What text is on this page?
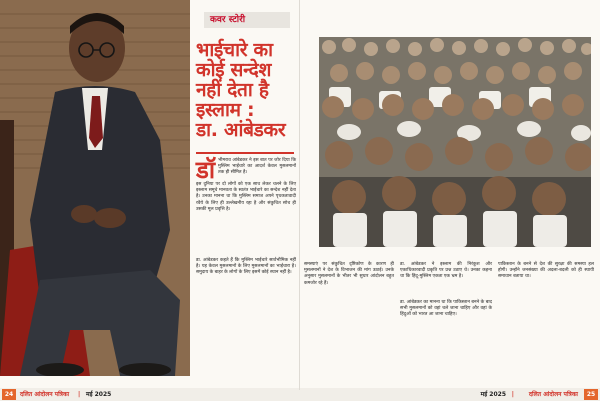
कवर स्टोरी
भाईचारे का
कोई सन्देश
नहीं देता है
इस्लाम :
डा. आंबेडकर
डॉ भीमराव आंबेडकर ने इस बात पर जोर दिया कि मुस्लिम भाईचारे का आदर्श केवल मुसलमानों तक ही सीमित है।

इस दुनिया पर दो लोगों को एक साथ लेकर चलने के लिए इस्लाम समूचे मानवता के स्वतंत्र भाईचारे का सन्देश नहीं देता है। उनका मानना था कि मुस्लिम समाज अपने पृथकतावादी रवैये के लिए ही उल्लेखनीय रहा है और संकुचित सोच ही उसकी मूल प्रवृत्ति है।

डा. आंबेडकर कहते हैं कि मुस्लिम भाईचारे सार्वभौमिक नहीं है। यह केवल मुसलमानों के लिए मुसलमानों का भाईचारा है। समुदाय के बाहर के लोगों के लिए इसमें कोई स्थान नहीं है।

24	दलित आंदोलन पत्रिका | मई 2025

समस्याएं पर संकुचित दृष्टिकोण के कारण ही मुसलमानों ने देश के विभाजन की मांग उठाई। उनके अनुसार मुसलमानों के भीतर भी सुधार आंदोलन बहुत कमजोर रहे हैं।

डा. आंबेडकर ने इस्लाम की निरंकुश और एकाधिकारवादी प्रकृति पर प्रश्न उठाए थे। उनका कहना था कि हिंदू-मुस्लिम एकता एक भ्रम है।

डा. आंबेडकर का मानना था कि पाकिस्तान बनने के बाद सभी मुसलमानों को वहां चले जाना चाहिए और वहां के हिंदुओं को भारत आ जाना चाहिए।

पाकिस्तान के बनने से देश की सुरक्षा की समस्या हल होगी। उन्होंने जनसंख्या की अदला-बदली को ही स्थायी समाधान बताया था।

मई 2025 | दलित आंदोलन पत्रिका	25
